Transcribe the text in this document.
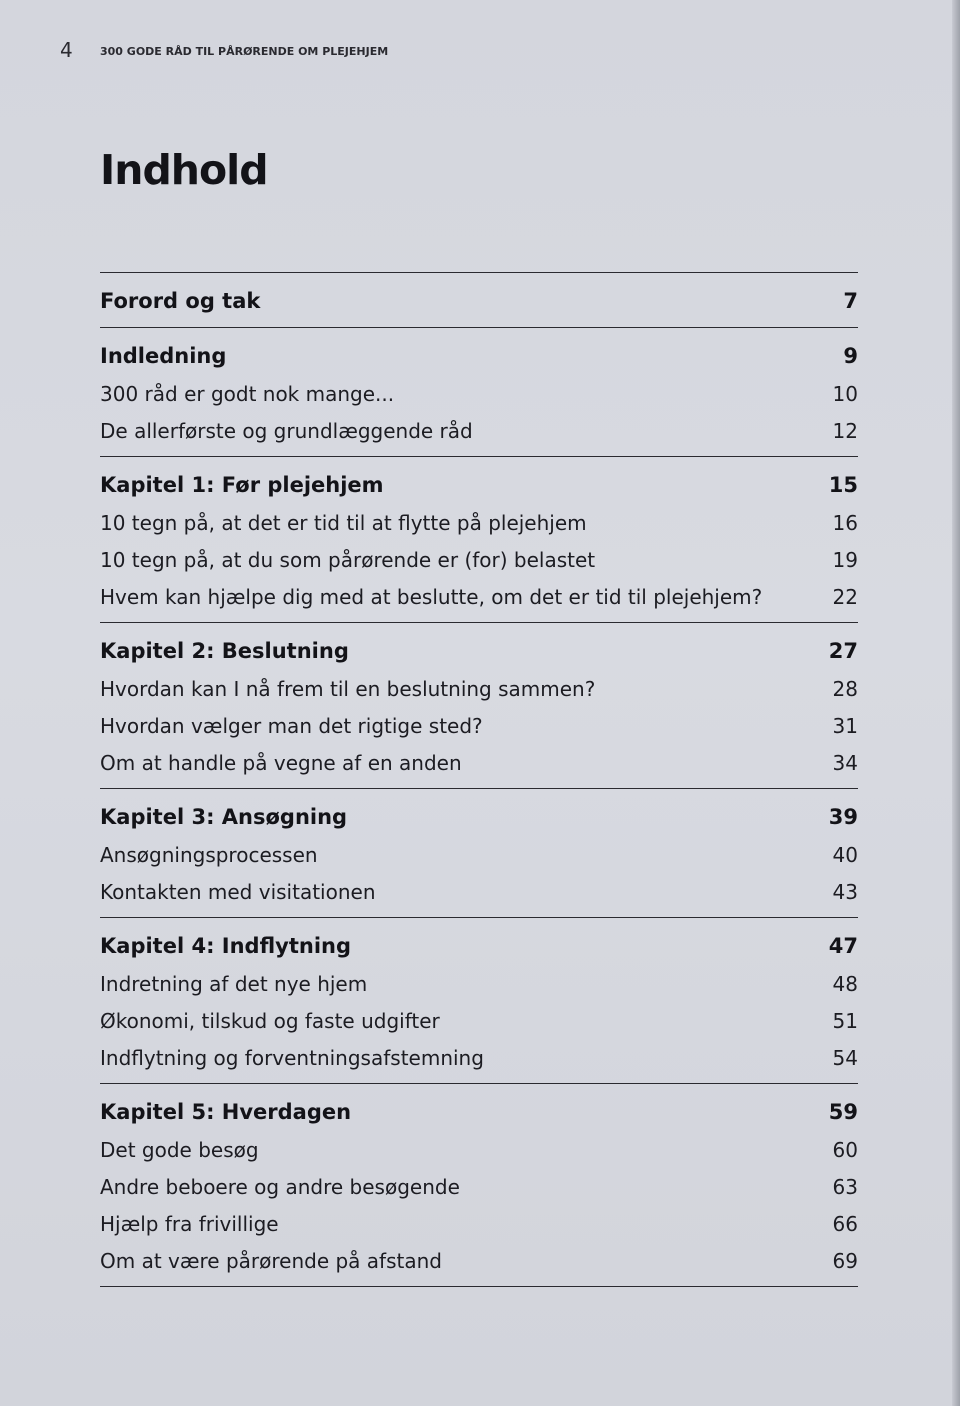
4 300 GODE RÅD TIL PÅRØRENDE OM PLEJEHJEM
Indhold
Forord og tak	7
Indledning	9
300 råd er godt nok mange...	10
De allerførste og grundlæggende råd	12
Kapitel 1: Før plejehjem	15
10 tegn på, at det er tid til at flytte på plejehjem	16
10 tegn på, at du som pårørende er (for) belastet	19
Hvem kan hjælpe dig med at beslutte, om det er tid til plejehjem?	22
Kapitel 2: Beslutning	27
Hvordan kan I nå frem til en beslutning sammen?	28
Hvordan vælger man det rigtige sted?	31
Om at handle på vegne af en anden	34
Kapitel 3: Ansøgning	39
Ansøgningsprocessen	40
Kontakten med visitationen	43
Kapitel 4: Indflytning	47
Indretning af det nye hjem	48
Økonomi, tilskud og faste udgifter	51
Indflytning og forventningsafstemning	54
Kapitel 5: Hverdagen	59
Det gode besøg	60
Andre beboere og andre besøgende	63
Hjælp fra frivillige	66
Om at være pårørende på afstand	69
